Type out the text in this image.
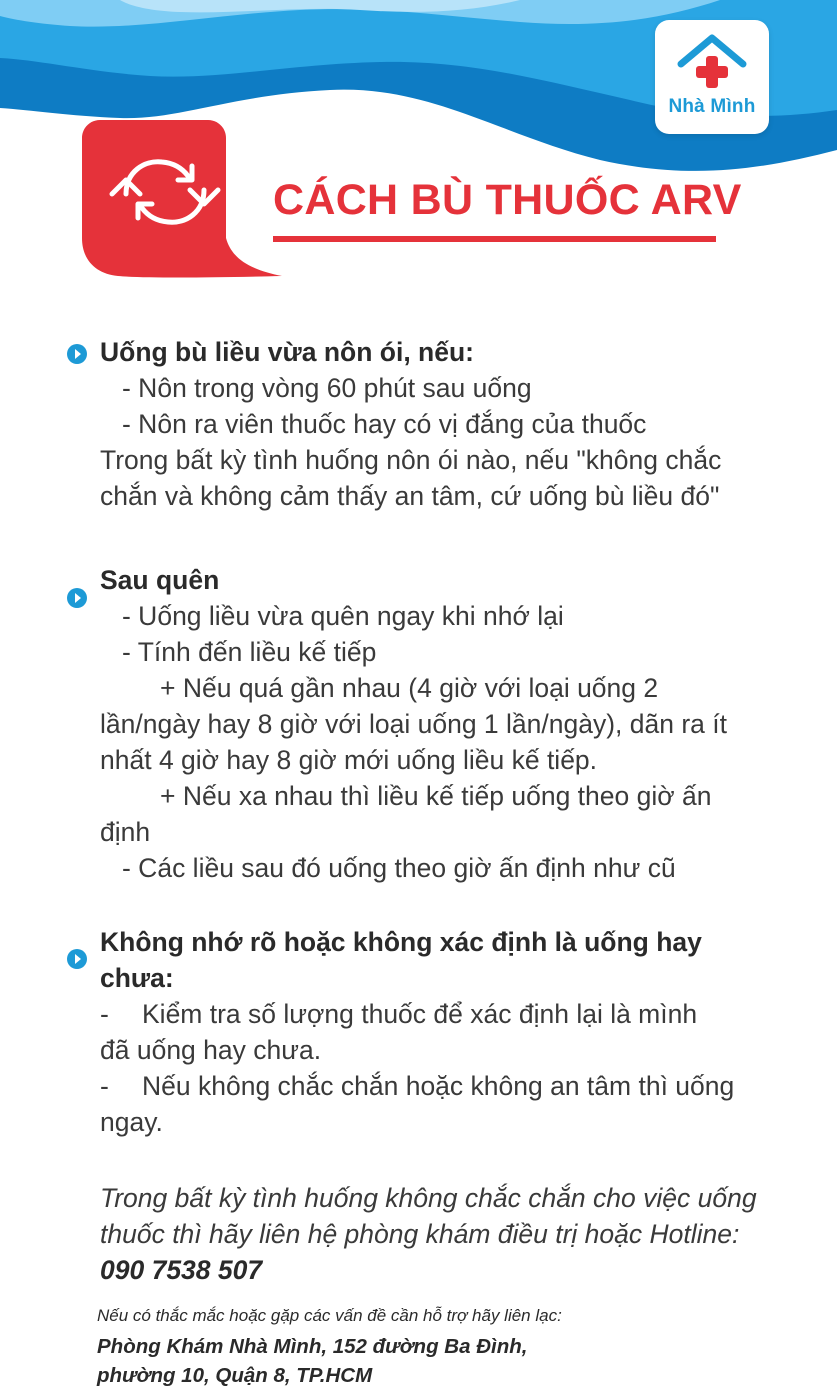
Nhà Mình
CÁCH BÙ THUỐC ARV
Uống bù liều vừa nôn ói, nếu:
- Nôn trong vòng 60 phút sau uống
- Nôn ra viên thuốc hay có vị đắng của thuốc
Trong bất kỳ tình huống nôn ói nào, nếu "không chắc chắn và không cảm thấy an tâm, cứ uống bù liều đó"
Sau quên
- Uống liều vừa quên ngay khi nhớ lại
- Tính đến liều kế tiếp
+ Nếu quá gần nhau (4 giờ với loại uống 2 lần/ngày hay 8 giờ với loại uống 1 lần/ngày), dãn ra ít nhất 4 giờ hay 8 giờ mới uống liều kế tiếp.
+ Nếu xa nhau thì liều kế tiếp uống theo giờ ấn định
- Các liều sau đó uống theo giờ ấn định như cũ
Không nhớ rõ hoặc không xác định là uống hay chưa:
- Kiểm tra số lượng thuốc để xác định lại là mình đã uống hay chưa.
- Nếu không chắc chắn hoặc không an tâm thì uống ngay.
Trong bất kỳ tình huống không chắc chắn cho việc uống thuốc thì hãy liên hệ phòng khám điều trị hoặc Hotline: 090 7538 507
Nếu có thắc mắc hoặc gặp các vấn đề cần hỗ trợ hãy liên lạc:
Phòng Khám Nhà Mình, 152 đường Ba Đình,
phường 10, Quận 8, TP.HCM
